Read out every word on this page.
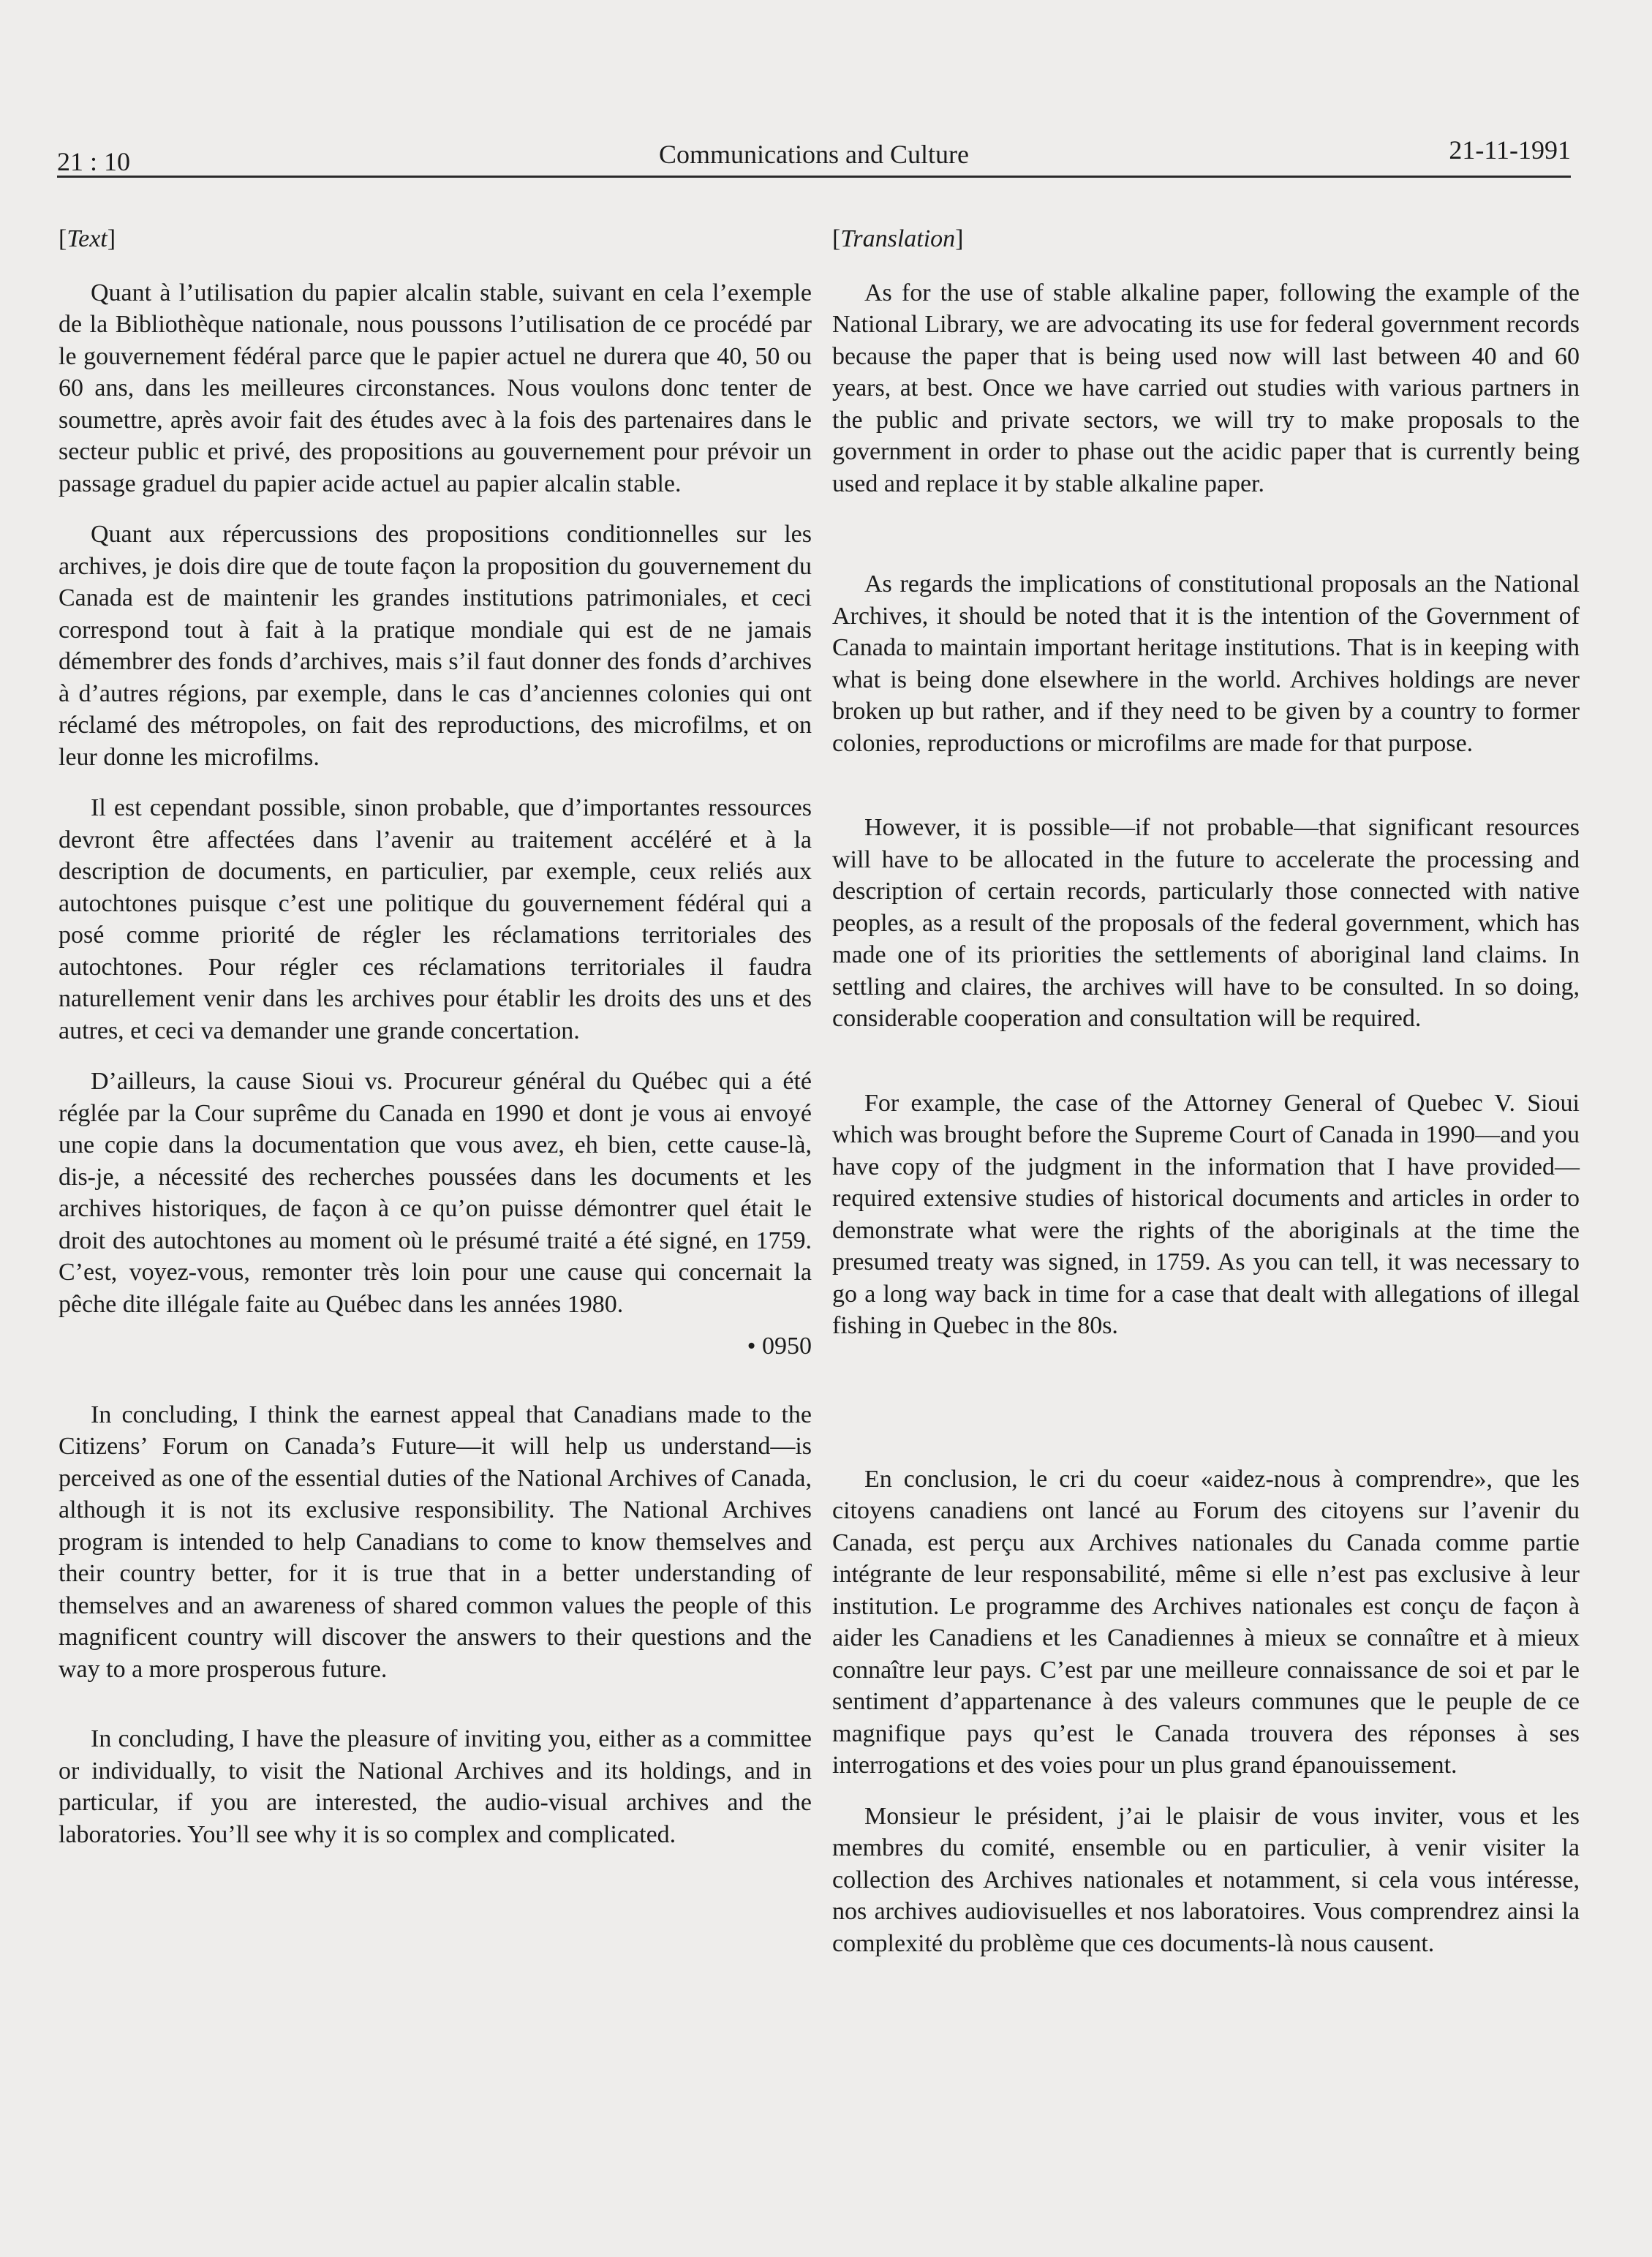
21 : 10	Communications and Culture	21-11-1991

[Text]

Quant à l’utilisation du papier alcalin stable, suivant en cela l’exemple de la Bibliothèque nationale, nous poussons l’utilisation de ce procédé par le gouvernement fédéral parce que le papier actuel ne durera que 40, 50 ou 60 ans, dans les meilleures circonstances. Nous voulons donc tenter de soumettre, après avoir fait des études avec à la fois des partenaires dans le secteur public et privé, des propositions au gouvernement pour prévoir un passage graduel du papier acide actuel au papier alcalin stable.

Quant aux répercussions des propositions conditionnelles sur les archives, je dois dire que de toute façon la proposition du gouvernement du Canada est de maintenir les grandes institutions patrimoniales, et ceci correspond tout à fait à la pratique mondiale qui est de ne jamais démembrer des fonds d’archives, mais s’il faut donner des fonds d’archives à d’autres régions, par exemple, dans le cas d’anciennes colonies qui ont réclamé des métropoles, on fait des reproductions, des microfilms, et on leur donne les microfilms.

Il est cependant possible, sinon probable, que d’importantes ressources devront être affectées dans l’avenir au traitement accéléré et à la description de documents, en particulier, par exemple, ceux reliés aux autochtones puisque c’est une politique du gouvernement fédéral qui a posé comme priorité de régler les réclamations territoriales des autochtones. Pour régler ces réclamations territoriales il faudra naturellement venir dans les archives pour établir les droits des uns et des autres, et ceci va demander une grande concertation.

D’ailleurs, la cause Sioui vs. Procureur général du Québec qui a été réglée par la Cour suprême du Canada en 1990 et dont je vous ai envoyé une copie dans la documentation que vous avez, eh bien, cette cause-là, dis-je, a nécessité des recherches poussées dans les documents et les archives historiques, de façon à ce qu’on puisse démontrer quel était le droit des autochtones au moment où le présumé traité a été signé, en 1759. C’est, voyez-vous, remonter très loin pour une cause qui concernait la pêche dite illégale faite au Québec dans les années 1980.

• 0950

In concluding, I think the earnest appeal that Canadians made to the Citizens’ Forum on Canada’s Future—it will help us understand—is perceived as one of the essential duties of the National Archives of Canada, although it is not its exclusive responsibility. The National Archives program is intended to help Canadians to come to know themselves and their country better, for it is true that in a better understanding of themselves and an awareness of shared common values the people of this magnificent country will discover the answers to their questions and the way to a more prosperous future.

In concluding, I have the pleasure of inviting you, either as a committee or individually, to visit the National Archives and its holdings, and in particular, if you are interested, the audio-visual archives and the laboratories. You’ll see why it is so complex and complicated.

[Translation]

As for the use of stable alkaline paper, following the example of the National Library, we are advocating its use for federal government records because the paper that is being used now will last between 40 and 60 years, at best. Once we have carried out studies with various partners in the public and private sectors, we will try to make proposals to the government in order to phase out the acidic paper that is currently being used and replace it by stable alkaline paper.

As regards the implications of constitutional proposals an the National Archives, it should be noted that it is the intention of the Government of Canada to maintain important heritage institutions. That is in keeping with what is being done elsewhere in the world. Archives holdings are never broken up but rather, and if they need to be given by a country to former colonies, reproductions or microfilms are made for that purpose.

However, it is possible—if not probable—that significant resources will have to be allocated in the future to accelerate the processing and description of certain records, particularly those connected with native peoples, as a result of the proposals of the federal government, which has made one of its priorities the settlements of aboriginal land claims. In settling and claires, the archives will have to be consulted. In so doing, considerable cooperation and consultation will be required.

For example, the case of the Attorney General of Quebec V. Sioui which was brought before the Supreme Court of Canada in 1990—and you have copy of the judgment in the information that I have provided—required extensive studies of historical documents and articles in order to demonstrate what were the rights of the aboriginals at the time the presumed treaty was signed, in 1759. As you can tell, it was necessary to go a long way back in time for a case that dealt with allegations of illegal fishing in Quebec in the 80s.

En conclusion, le cri du coeur «aidez-nous à comprendre», que les citoyens canadiens ont lancé au Forum des citoyens sur l’avenir du Canada, est perçu aux Archives nationales du Canada comme partie intégrante de leur responsabilité, même si elle n’est pas exclusive à leur institution. Le programme des Archives nationales est conçu de façon à aider les Canadiens et les Canadiennes à mieux se connaître et à mieux connaître leur pays. C’est par une meilleure connaissance de soi et par le sentiment d’appartenance à des valeurs communes que le peuple de ce magnifique pays qu’est le Canada trouvera des réponses à ses interrogations et des voies pour un plus grand épanouissement.

Monsieur le président, j’ai le plaisir de vous inviter, vous et les membres du comité, ensemble ou en particulier, à venir visiter la collection des Archives nationales et notamment, si cela vous intéresse, nos archives audiovisuelles et nos laboratoires. Vous comprendrez ainsi la complexité du problème que ces documents-là nous causent.
